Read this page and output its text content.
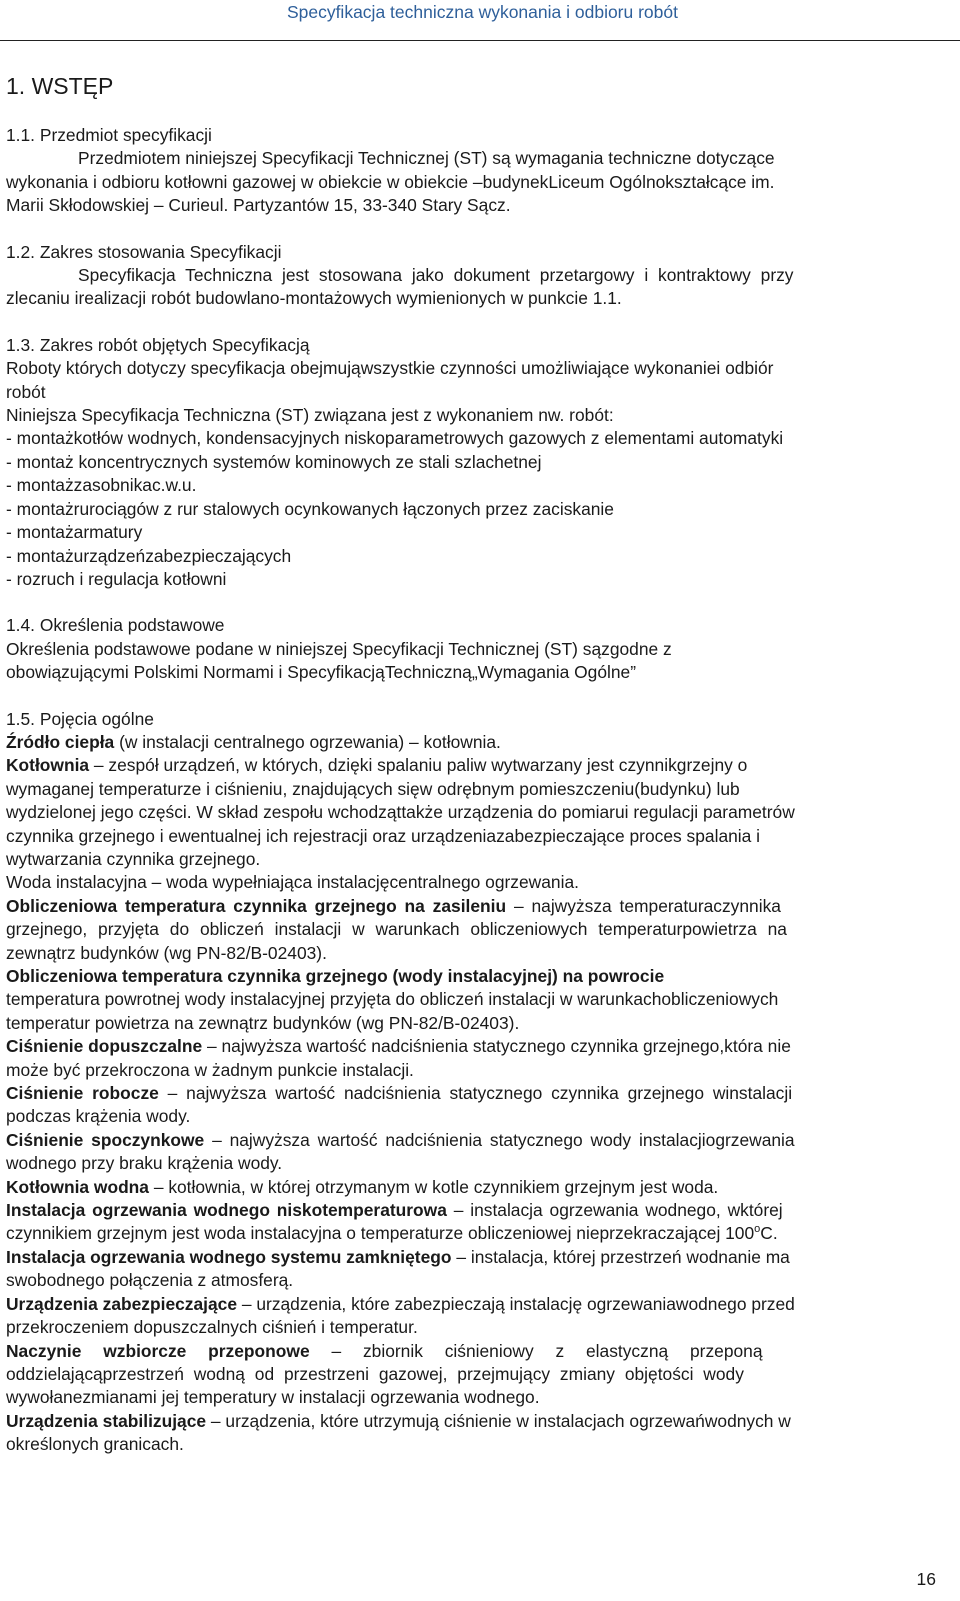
Specyfikacja techniczna wykonania i odbioru robót
1. WSTĘP
1.1. Przedmiot specyfikacji
Przedmiotem niniejszej Specyfikacji Technicznej (ST) są wymagania techniczne dotyczące
wykonania i odbioru kotłowni gazowej w obiekcie w obiekcie –budynekLiceum Ogólnokształcące im.
Marii Skłodowskiej – Curieul. Partyzantów 15, 33-340 Stary Sącz.
1.2. Zakres stosowania Specyfikacji
Specyfikacja Techniczna jest stosowana jako dokument przetargowy i kontraktowy przy
zlecaniu irealizacji robót budowlano-montażowych wymienionych w punkcie 1.1.
1.3. Zakres robót objętych Specyfikacją
Roboty których dotyczy specyfikacja obejmująwszystkie czynności umożliwiające wykonaniei odbiór
robót
Niniejsza Specyfikacja Techniczna (ST) związana jest z wykonaniem nw. robót:
- montażkotłów wodnych, kondensacyjnych niskoparametrowych gazowych z elementami automatyki
- montaż koncentrycznych systemów kominowych ze stali szlachetnej
- montażzasobnikac.w.u.
- montażrurociągów z rur stalowych ocynkowanych łączonych przez zaciskanie
- montażarmatury
- montażurządzeńzabezpieczających
- rozruch i regulacja kotłowni
1.4. Określenia podstawowe
Określenia podstawowe podane w niniejszej Specyfikacji Technicznej (ST) sązgodne z
obowiązującymi Polskimi Normami i SpecyfikacjąTechniczną„Wymagania Ogólne”
1.5. Pojęcia ogólne
Źródło ciepła (w instalacji centralnego ogrzewania) – kotłownia.
Kotłownia – zespół urządzeń, w których, dzięki spalaniu paliw wytwarzany jest czynnikgrzejny o
wymaganej temperaturze i ciśnieniu, znajdujących sięw odrębnym pomieszczeniu(budynku) lub
wydzielonej jego części. W skład zespołu wchodząttakże urządzenia do pomiarui regulacji parametrów
czynnika grzejnego i ewentualnej ich rejestracji oraz urządzeniazabezpieczające proces spalania i
wytwarzania czynnika grzejnego.
Woda instalacyjna – woda wypełniająca instalacjęcentralnego ogrzewania.
Obliczeniowa temperatura czynnika grzejnego na zasileniu – najwyższa temperaturaczynnika
grzejnego, przyjęta do obliczeń instalacji w warunkach obliczeniowych temperaturpowietrza na
zewnątrz budynków (wg PN-82/B-02403).
Obliczeniowa temperatura czynnika grzejnego (wody instalacyjnej) na powrocie
temperatura powrotnej wody instalacyjnej przyjęta do obliczeń instalacji w warunkachobliczeniowych
temperatur powietrza na zewnątrz budynków (wg PN-82/B-02403).
Ciśnienie dopuszczalne – najwyższa wartość nadciśnienia statycznego czynnika grzejnego,która nie
może być przekroczona w żadnym punkcie instalacji.
Ciśnienie robocze – najwyższa wartość nadciśnienia statycznego czynnika grzejnego winstalacji
podczas krążenia wody.
Ciśnienie spoczynkowe – najwyższa wartość nadciśnienia statycznego wody instalacjiogrzewania
wodnego przy braku krążenia wody.
Kotłownia wodna – kotłownia, w której otrzymanym w kotle czynnikiem grzejnym jest woda.
Instalacja ogrzewania wodnego niskotemperaturowa – instalacja ogrzewania wodnego, wktórej
czynnikiem grzejnym jest woda instalacyjna o temperaturze obliczeniowej nieprzekraczającej 100$^o$C.
Instalacja ogrzewania wodnego systemu zamkniętego – instalacja, której przestrzeń wodnanie ma
swobodnego połączenia z atmosferą.
Urządzenia zabezpieczające – urządzenia, które zabezpieczają instalację ogrzewaniawodnego przed
przekroczeniem dopuszczalnych ciśnień i temperatur.
Naczynie wzbiorcze przeponowe – zbiornik ciśnieniowy z elastyczną przeponą
oddzielającąprzestrzeń wodną od przestrzeni gazowej, przejmujący zmiany objętości wody
wywołanezmianami jej temperatury w instalacji ogrzewania wodnego.
Urządzenia stabilizujące – urządzenia, które utrzymują ciśnienie w instalacjach ogrzewańwodnych w
określonych granicach.
16
